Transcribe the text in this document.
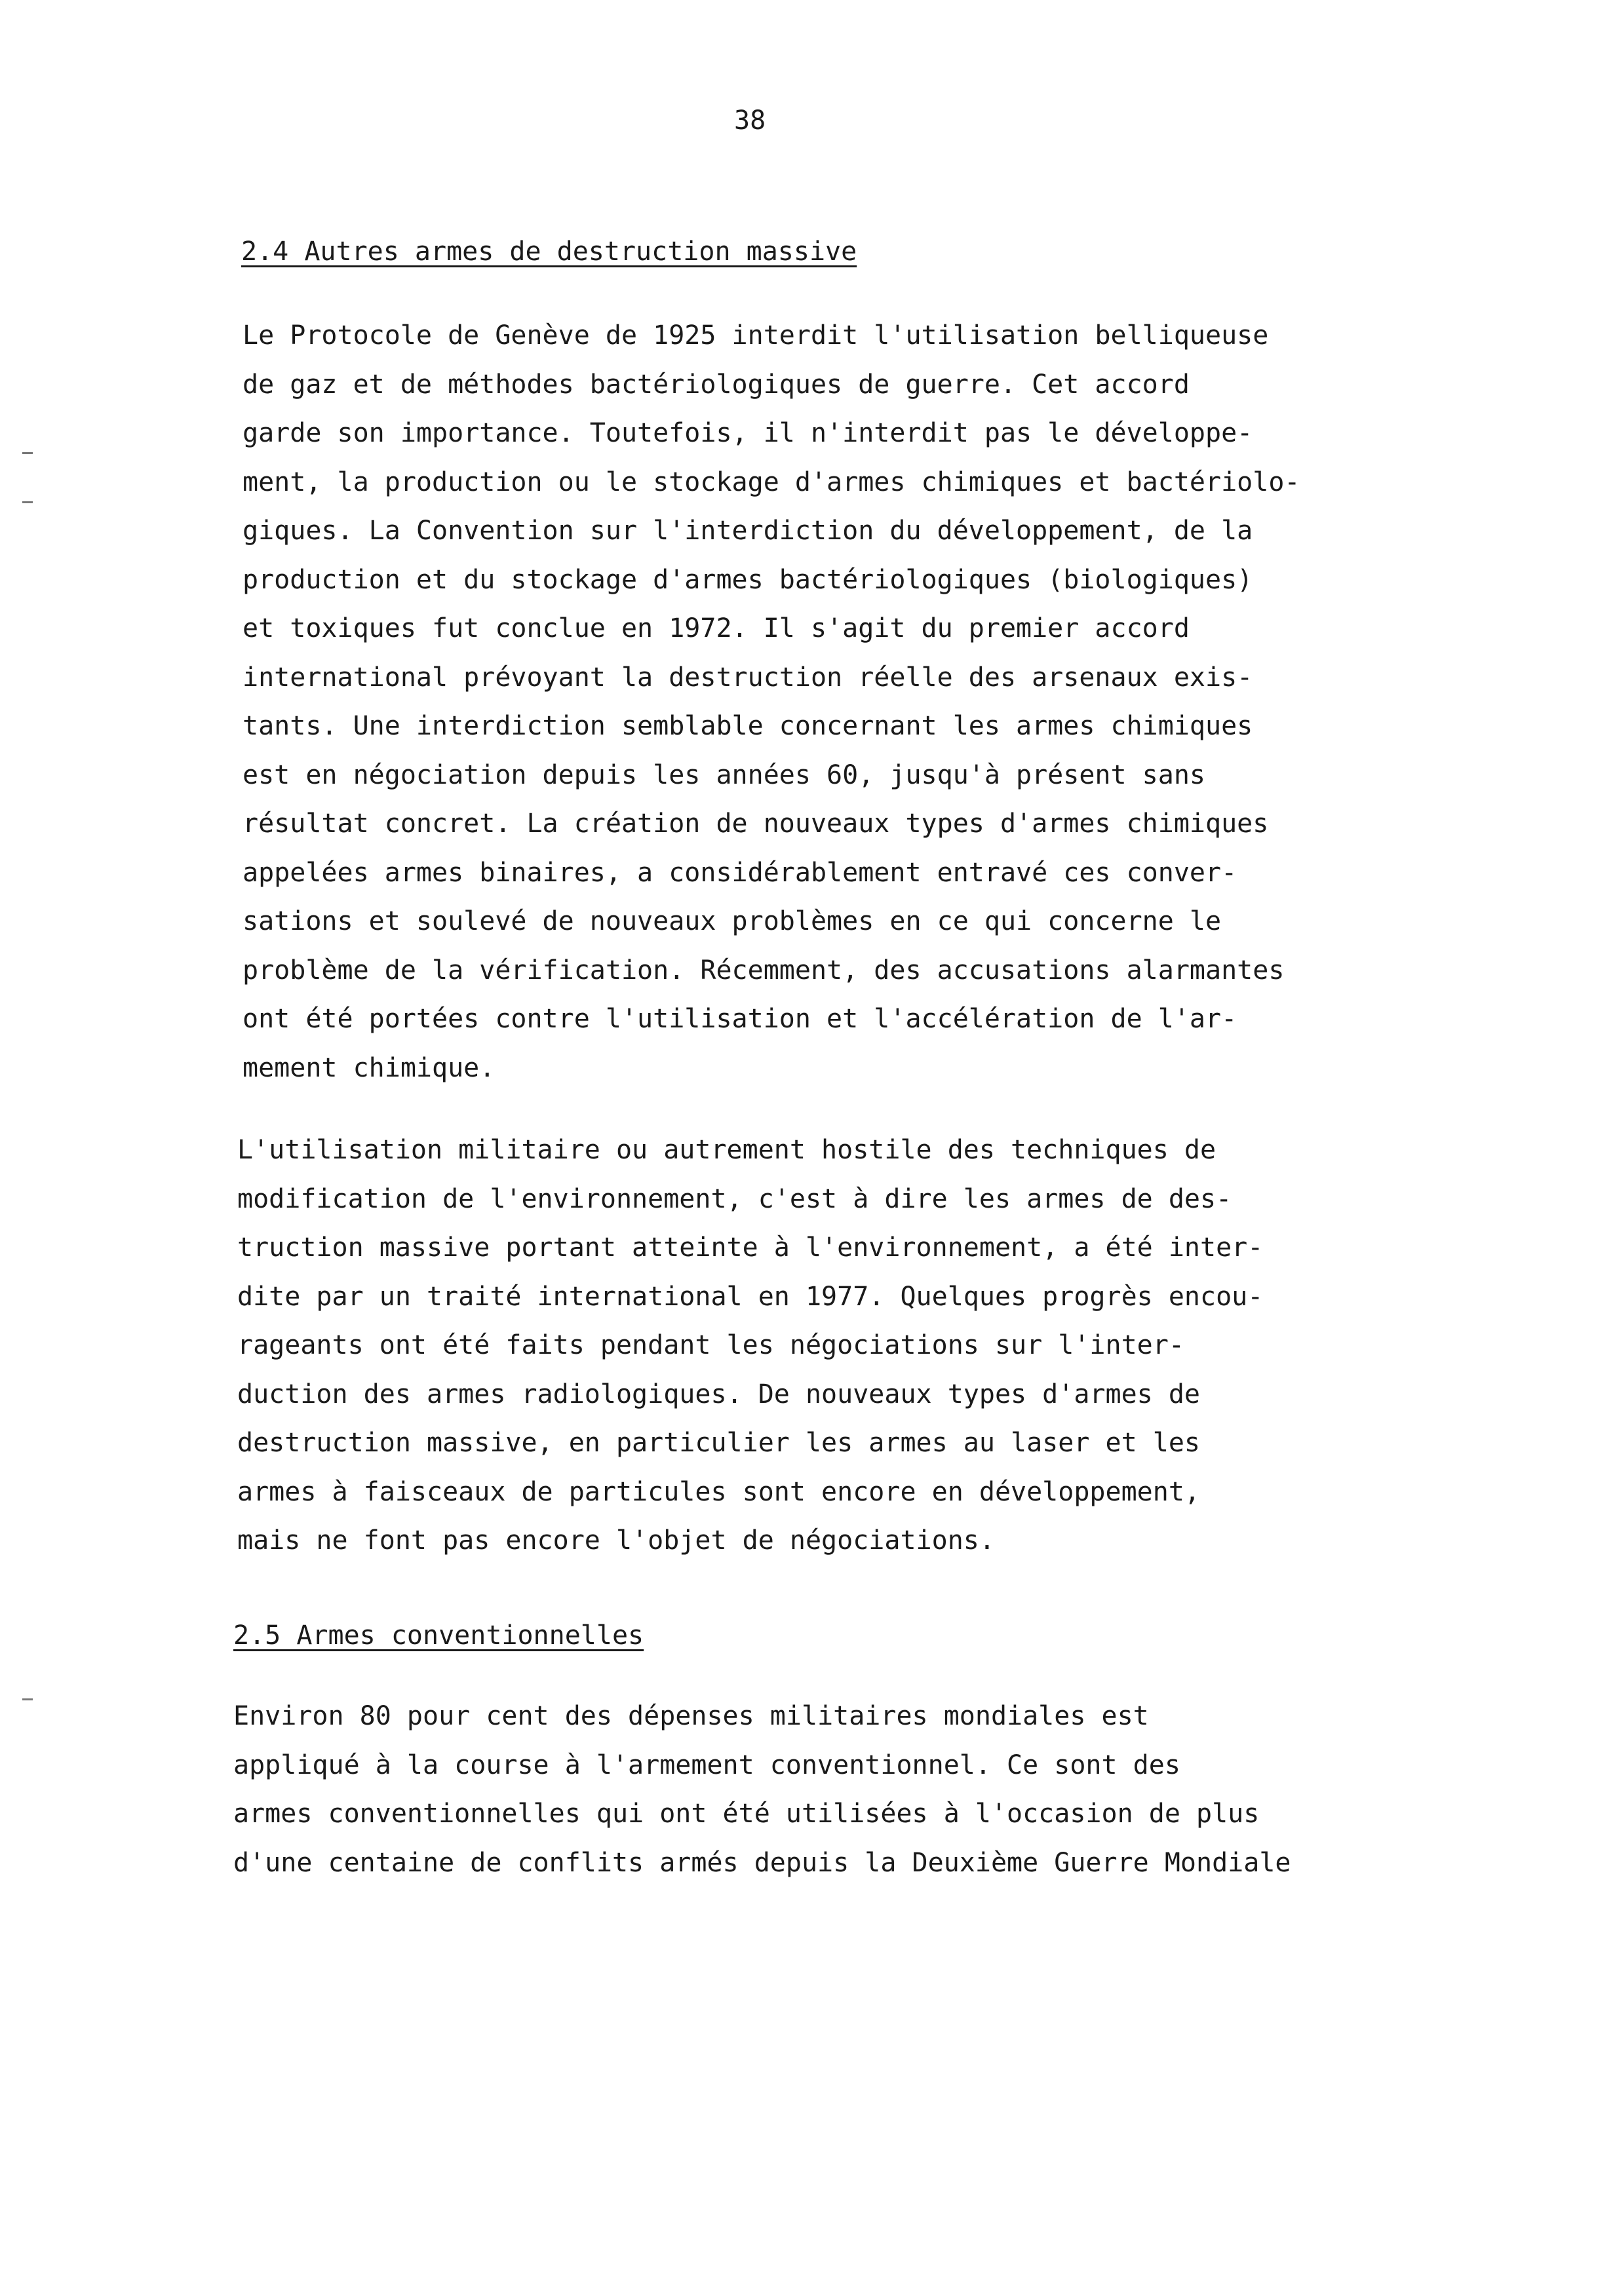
38
2.4 Autres armes de destruction massive

Le Protocole de Genève de 1925 interdit l'utilisation belliqueuse
de gaz et de méthodes bactériologiques de guerre. Cet accord
garde son importance. Toutefois, il n'interdit pas le développe-
ment, la production ou le stockage d'armes chimiques et bactériolo-
giques. La Convention sur l'interdiction du développement, de la
production et du stockage d'armes bactériologiques (biologiques)
et toxiques fut conclue en 1972. Il s'agit du premier accord
international prévoyant la destruction réelle des arsenaux exis-
tants. Une interdiction semblable concernant les armes chimiques
est en négociation depuis les années 60, jusqu'à présent sans
résultat concret. La création de nouveaux types d'armes chimiques
appelées armes binaires, a considérablement entravé ces conver-
sations et soulevé de nouveaux problèmes en ce qui concerne le
problème de la vérification. Récemment, des accusations alarmantes
ont été portées contre l'utilisation et l'accélération de l'ar-
mement chimique.

L'utilisation militaire ou autrement hostile des techniques de
modification de l'environnement, c'est à dire les armes de des-
truction massive portant atteinte à l'environnement, a été inter-
dite par un traité international en 1977. Quelques progrès encou-
rageants ont été faits pendant les négociations sur l'inter-
duction des armes radiologiques. De nouveaux types d'armes de
destruction massive, en particulier les armes au laser et les
armes à faisceaux de particules sont encore en développement,
mais ne font pas encore l'objet de négociations.

2.5 Armes conventionnelles

Environ 80 pour cent des dépenses militaires mondiales est
appliqué à la course à l'armement conventionnel. Ce sont des
armes conventionnelles qui ont été utilisées à l'occasion de plus
d'une centaine de conflits armés depuis la Deuxième Guerre Mondiale
